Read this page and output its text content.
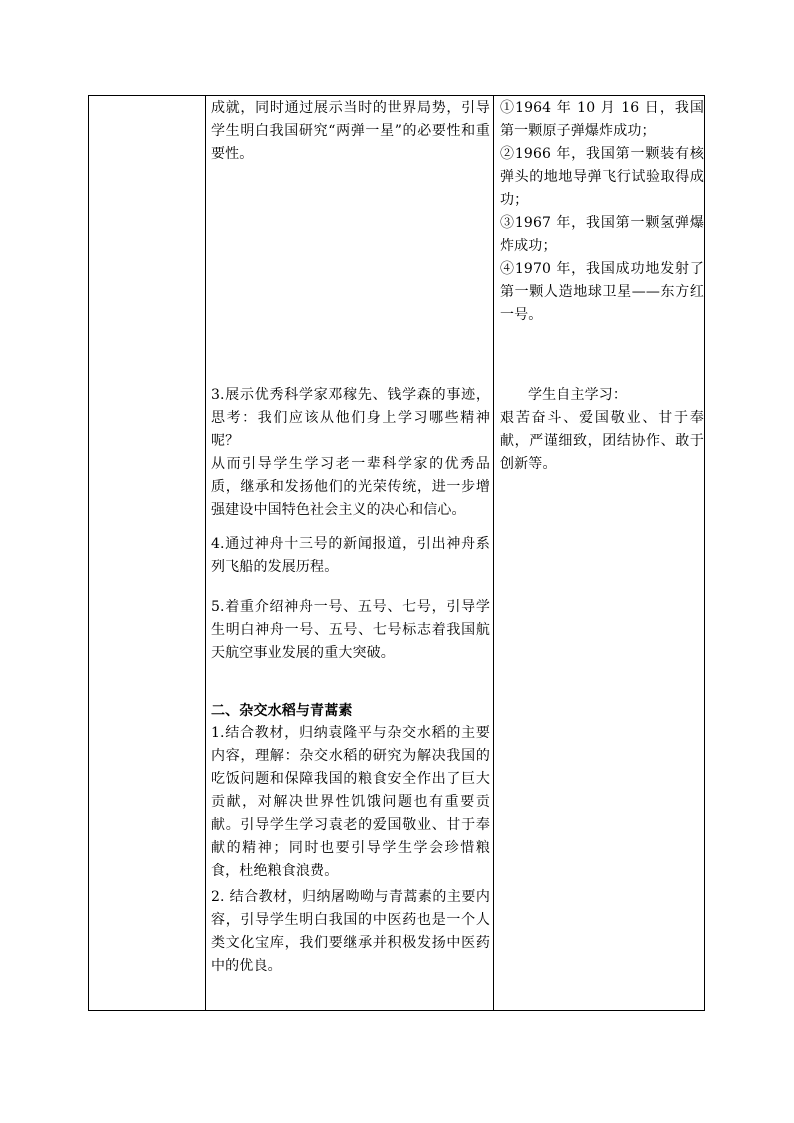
成就，同时通过展示当时的世界局势，引导学生明白我国研究“两弹一星”的必要性和重要性。
3.展示优秀科学家邓稼先、钱学森的事迹，思考：我们应该从他们身上学习哪些精神呢？
从而引导学生学习老一辈科学家的优秀品质，继承和发扬他们的光荣传统，进一步增强建设中国特色社会主义的决心和信心。
4.通过神舟十三号的新闻报道，引出神舟系列飞船的发展历程。
5.着重介绍神舟一号、五号、七号，引导学生明白神舟一号、五号、七号标志着我国航天航空事业发展的重大突破。
二、杂交水稻与青蒿素
1.结合教材，归纳袁隆平与杂交水稻的主要内容，理解：杂交水稻的研究为解决我国的吃饭问题和保障我国的粮食安全作出了巨大贡献，对解决世界性饥饿问题也有重要贡献。引导学生学习袁老的爱国敬业、甘于奉献的精神；同时也要引导学生学会珍惜粮食，杜绝粮食浪费。
2. 结合教材，归纳屠呦呦与青蒿素的主要内容，引导学生明白我国的中医药也是一个人类文化宝库，我们要继承并积极发扬中医药中的优良。

①1964 年 10 月 16 日，我国第一颗原子弹爆炸成功；

②1966 年，我国第一颗装有核弹头的地地导弹飞行试验取得成功；

③1967 年，我国第一颗氢弹爆炸成功；

④1970 年，我国成功地发射了第一颗人造地球卫星——东方红一号。

学生自主学习：
艰苦奋斗、爱国敬业、甘于奉献，严谨细致，团结协作、敢于创新等。
